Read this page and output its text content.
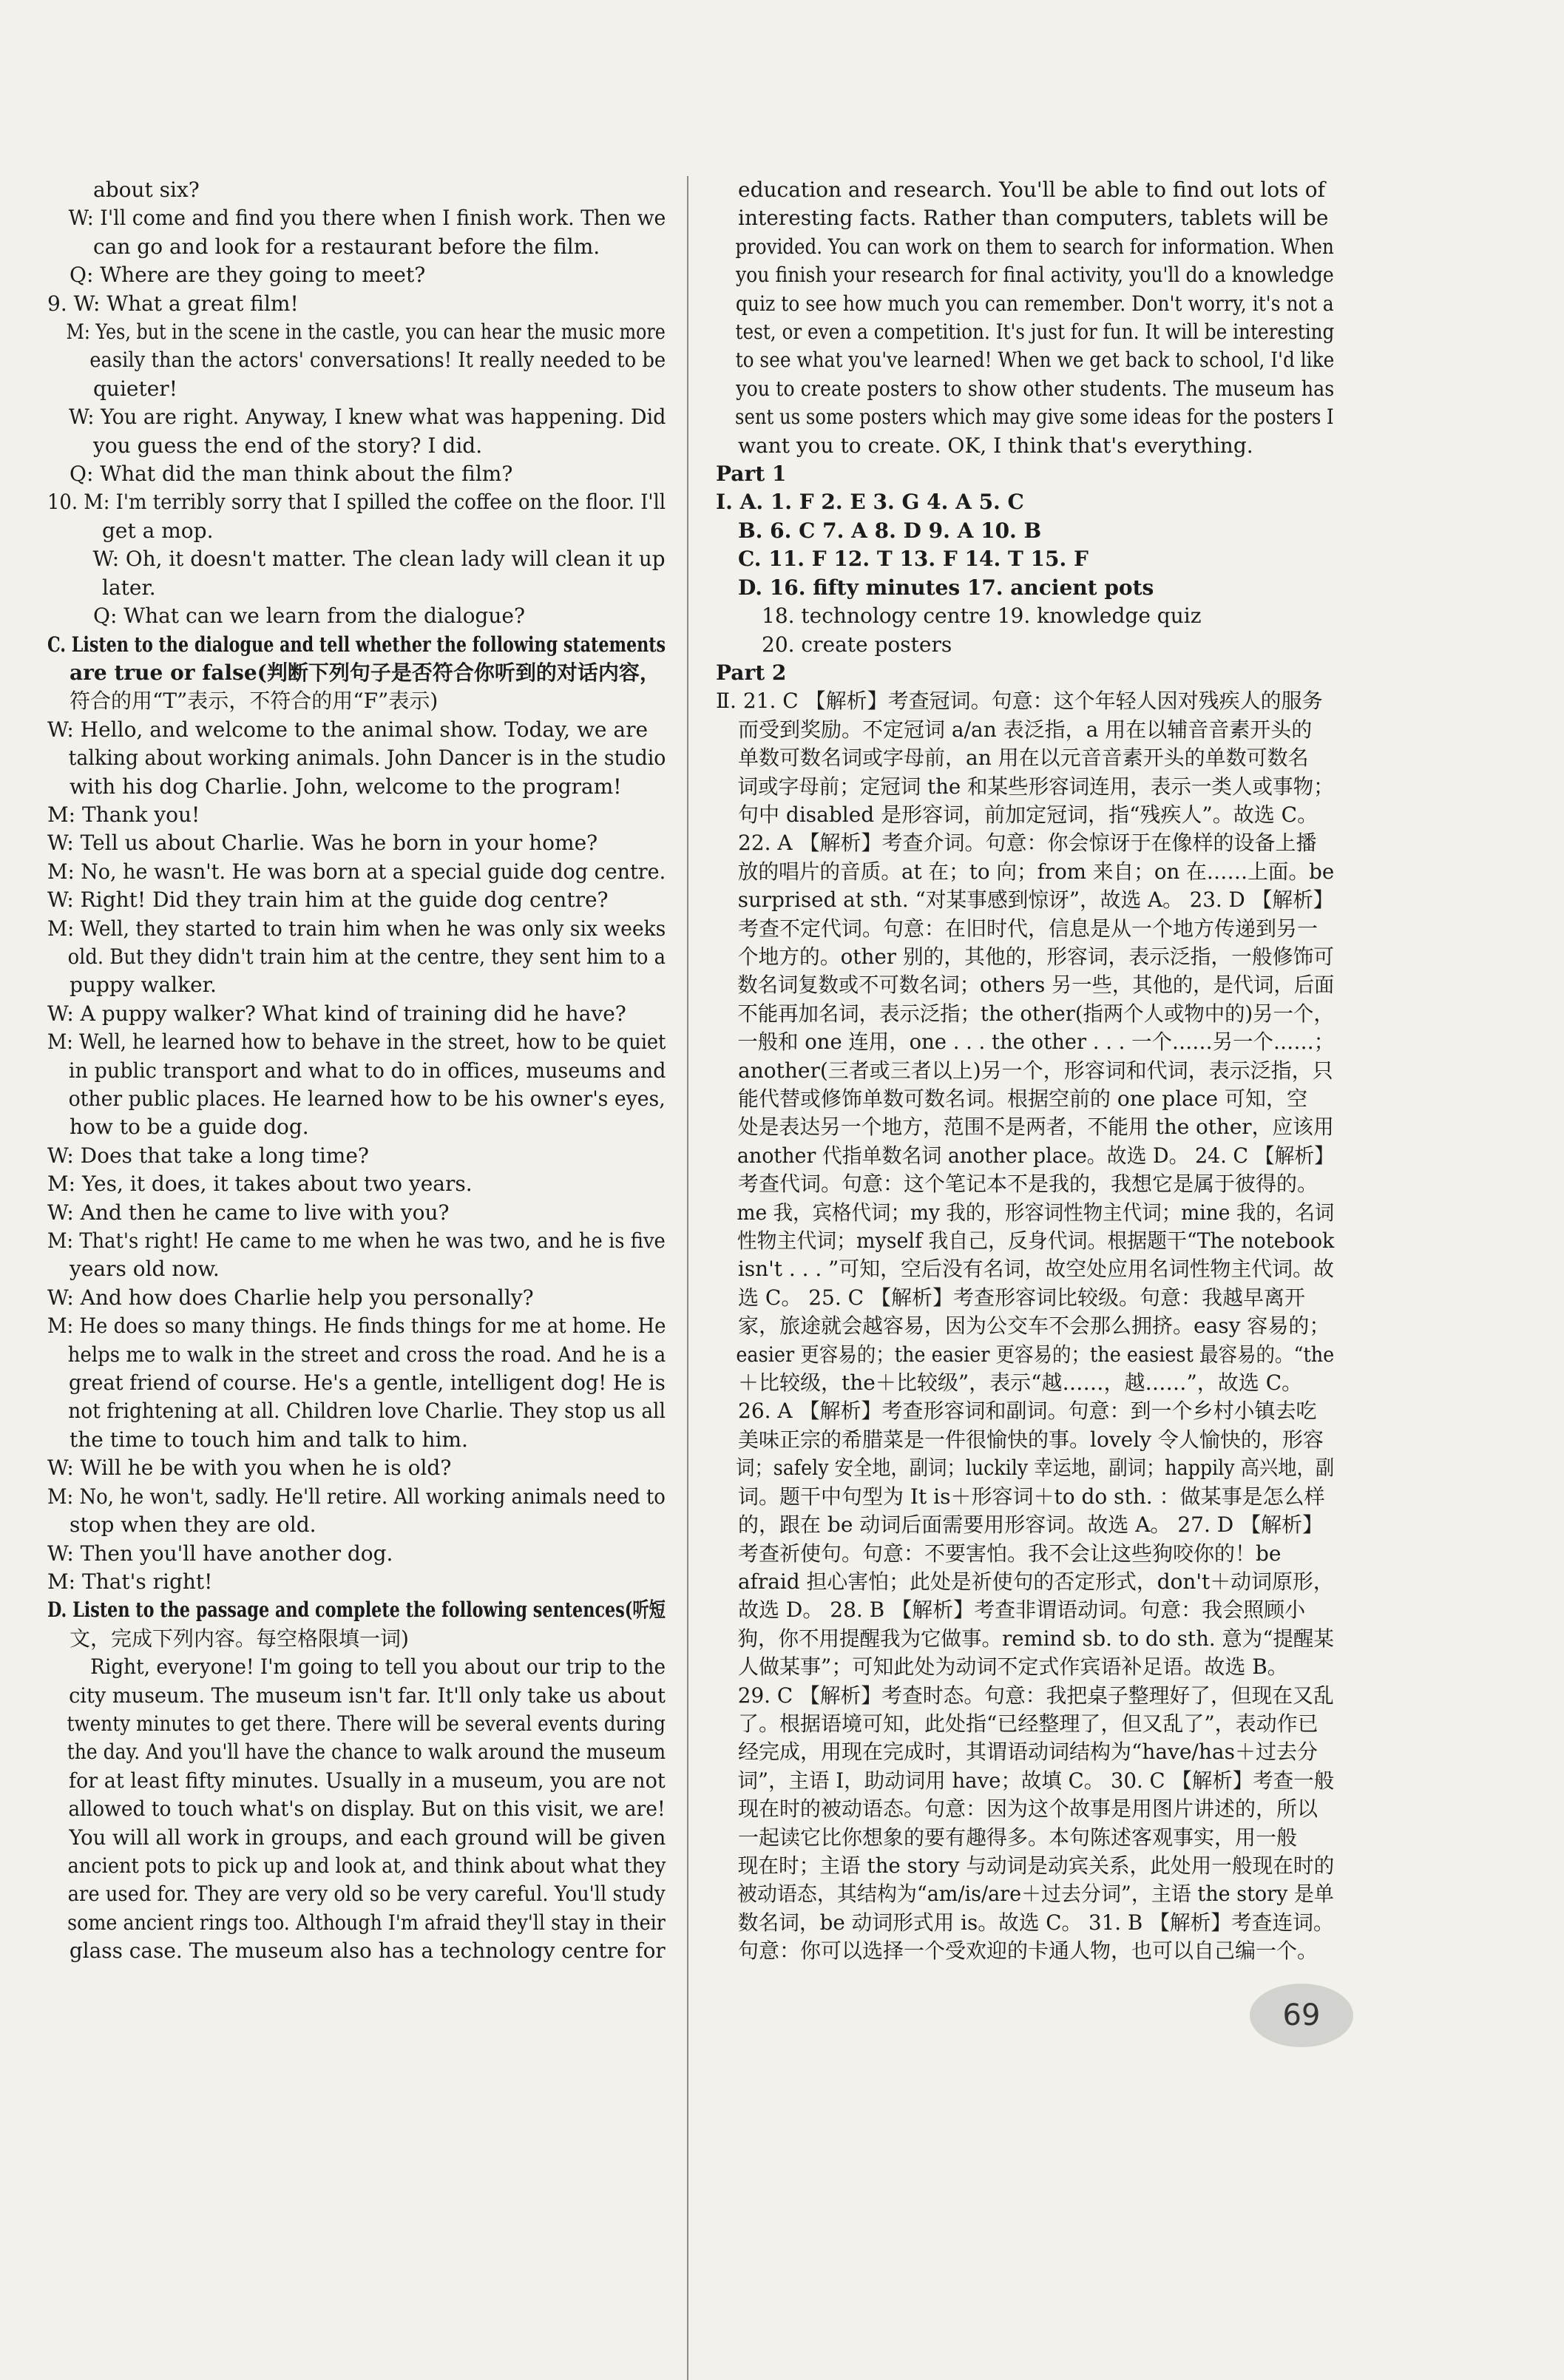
about six?
W: I'll come and find you there when I finish work. Then we
can go and look for a restaurant before the film.
Q: Where are they going to meet?
9. W: What a great film!
M: Yes, but in the scene in the castle, you can hear the music more
easily than the actors' conversations! It really needed to be
quieter!
W: You are right. Anyway, I knew what was happening. Did
you guess the end of the story? I did.
Q: What did the man think about the film?
10. M: I'm terribly sorry that I spilled the coffee on the floor. I'll
get a mop.
W: Oh, it doesn't matter. The clean lady will clean it up
later.
Q: What can we learn from the dialogue?
C. Listen to the dialogue and tell whether the following statements
are true or false(判断下列句子是否符合你听到的对话内容，
符合的用“T”表示，不符合的用“F”表示)
W: Hello, and welcome to the animal show. Today, we are
talking about working animals. John Dancer is in the studio
with his dog Charlie. John, welcome to the program!
M: Thank you!
W: Tell us about Charlie. Was he born in your home?
M: No, he wasn't. He was born at a special guide dog centre.
W: Right! Did they train him at the guide dog centre?
M: Well, they started to train him when he was only six weeks
old. But they didn't train him at the centre, they sent him to a
puppy walker.
W: A puppy walker? What kind of training did he have?
M: Well, he learned how to behave in the street, how to be quiet
in public transport and what to do in offices, museums and
other public places. He learned how to be his owner's eyes,
how to be a guide dog.
W: Does that take a long time?
M: Yes, it does, it takes about two years.
W: And then he came to live with you?
M: That's right! He came to me when he was two, and he is five
years old now.
W: And how does Charlie help you personally?
M: He does so many things. He finds things for me at home. He
helps me to walk in the street and cross the road. And he is a
great friend of course. He's a gentle, intelligent dog! He is
not frightening at all. Children love Charlie. They stop us all
the time to touch him and talk to him.
W: Will he be with you when he is old?
M: No, he won't, sadly. He'll retire. All working animals need to
stop when they are old.
W: Then you'll have another dog.
M: That's right!
D. Listen to the passage and complete the following sentences(听短
文，完成下列内容。每空格限填一词)
Right, everyone! I'm going to tell you about our trip to the
city museum. The museum isn't far. It'll only take us about
twenty minutes to get there. There will be several events during
the day. And you'll have the chance to walk around the museum
for at least fifty minutes. Usually in a museum, you are not
allowed to touch what's on display. But on this visit, we are!
You will all work in groups, and each ground will be given
ancient pots to pick up and look at, and think about what they
are used for. They are very old so be very careful. You'll study
some ancient rings too. Although I'm afraid they'll stay in their
glass case. The museum also has a technology centre for
education and research. You'll be able to find out lots of
interesting facts. Rather than computers, tablets will be
provided. You can work on them to search for information. When
you finish your research for final activity, you'll do a knowledge
quiz to see how much you can remember. Don't worry, it's not a
test, or even a competition. It's just for fun. It will be interesting
to see what you've learned! When we get back to school, I'd like
you to create posters to show other students. The museum has
sent us some posters which may give some ideas for the posters I
want you to create. OK, I think that's everything.
Part 1
Ⅰ. A. 1. F 2. E 3. G 4. A 5. C
B. 6. C 7. A 8. D 9. A 10. B
C. 11. F 12. T 13. F 14. T 15. F
D. 16. fifty minutes 17. ancient pots
18. technology centre 19. knowledge quiz
20. create posters
Part 2
Ⅱ. 21. C 【解析】考查冠词。句意：这个年轻人因对残疾人的服务
而受到奖励。不定冠词 a/an 表泛指，a 用在以辅音音素开头的
单数可数名词或字母前，an 用在以元音音素开头的单数可数名
词或字母前；定冠词 the 和某些形容词连用，表示一类人或事物；
句中 disabled 是形容词，前加定冠词，指“残疾人”。故选 C。
22. A 【解析】考查介词。句意：你会惊讶于在像样的设备上播
放的唱片的音质。at 在；to 向；from 来自；on 在……上面。be
surprised at sth. “对某事感到惊讶”，故选 A。 23. D 【解析】
考查不定代词。句意：在旧时代，信息是从一个地方传递到另一
个地方的。other 别的，其他的，形容词，表示泛指，一般修饰可
数名词复数或不可数名词；others 另一些，其他的，是代词，后面
不能再加名词，表示泛指；the other(指两个人或物中的)另一个，
一般和 one 连用，one . . . the other . . . 一个……另一个……；
another(三者或三者以上)另一个，形容词和代词，表示泛指，只
能代替或修饰单数可数名词。根据空前的 one place 可知，空
处是表达另一个地方，范围不是两者，不能用 the other，应该用
another 代指单数名词 another place。故选 D。 24. C 【解析】
考查代词。句意：这个笔记本不是我的，我想它是属于彼得的。
me 我，宾格代词；my 我的，形容词性物主代词；mine 我的，名词
性物主代词；myself 我自己，反身代词。根据题干“The notebook
isn't . . . ”可知，空后没有名词，故空处应用名词性物主代词。故
选 C。 25. C 【解析】考查形容词比较级。句意：我越早离开
家，旅途就会越容易，因为公交车不会那么拥挤。easy 容易的；
easier 更容易的；the easier 更容易的；the easiest 最容易的。“the
＋比较级，the＋比较级”，表示“越……，越……”，故选 C。
26. A 【解析】考查形容词和副词。句意：到一个乡村小镇去吃
美味正宗的希腊菜是一件很愉快的事。lovely 令人愉快的，形容
词；safely 安全地，副词；luckily 幸运地，副词；happily 高兴地，副
词。题干中句型为 It is＋形容词＋to do sth. ：做某事是怎么样
的，跟在 be 动词后面需要用形容词。故选 A。 27. D 【解析】
考查祈使句。句意：不要害怕。我不会让这些狗咬你的！be
afraid 担心害怕；此处是祈使句的否定形式，don't＋动词原形，
故选 D。 28. B 【解析】考查非谓语动词。句意：我会照顾小
狗，你不用提醒我为它做事。remind sb. to do sth. 意为“提醒某
人做某事”；可知此处为动词不定式作宾语补足语。故选 B。
29. C 【解析】考查时态。句意：我把桌子整理好了，但现在又乱
了。根据语境可知，此处指“已经整理了，但又乱了”，表动作已
经完成，用现在完成时，其谓语动词结构为“have/has＋过去分
词”，主语 I，助动词用 have；故填 C。 30. C 【解析】考查一般
现在时的被动语态。句意：因为这个故事是用图片讲述的，所以
一起读它比你想象的要有趣得多。本句陈述客观事实，用一般
现在时；主语 the story 与动词是动宾关系，此处用一般现在时的
被动语态，其结构为“am/is/are＋过去分词”，主语 the story 是单
数名词，be 动词形式用 is。故选 C。 31. B 【解析】考查连词。
句意：你可以选择一个受欢迎的卡通人物，也可以自己编一个。
69
